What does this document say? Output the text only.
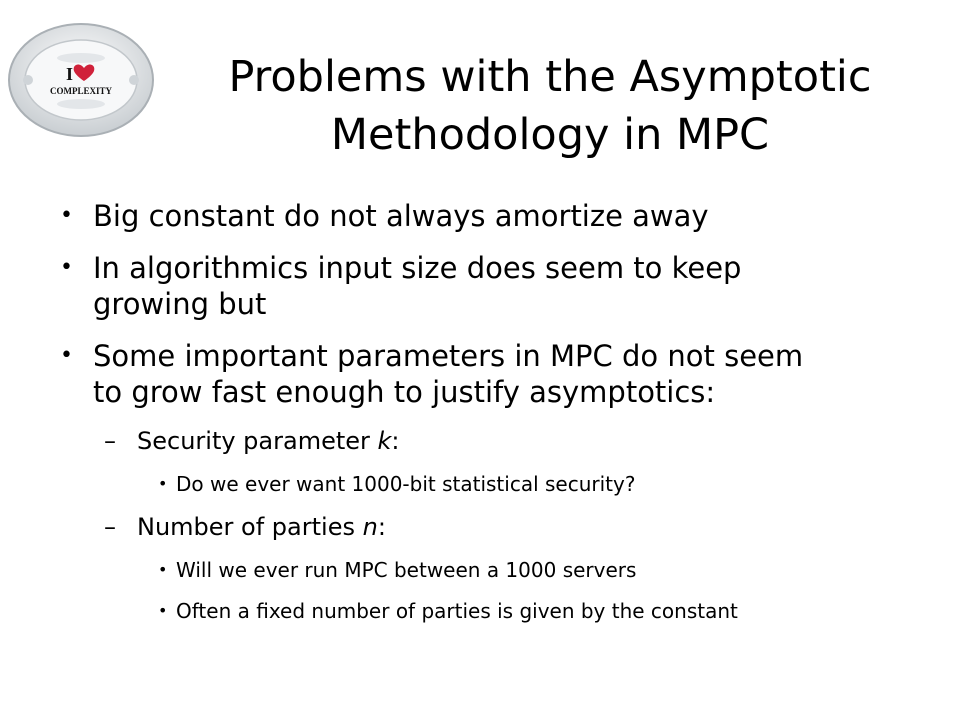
I
COMPLEXITY	Problems with the Asymptotic
Methodology in MPC
• Big constant do not always amortize away
• In algorithmics input size does seem to keep
growing but
• Some important parameters in MPC do not seem
to grow fast enough to justify asymptotics:
– Security parameter k:
• Do we ever want 1000-bit statistical security?
– Number of parties n:
• Will we ever run MPC between a 1000 servers
• Often a fixed number of parties is given by the constant
